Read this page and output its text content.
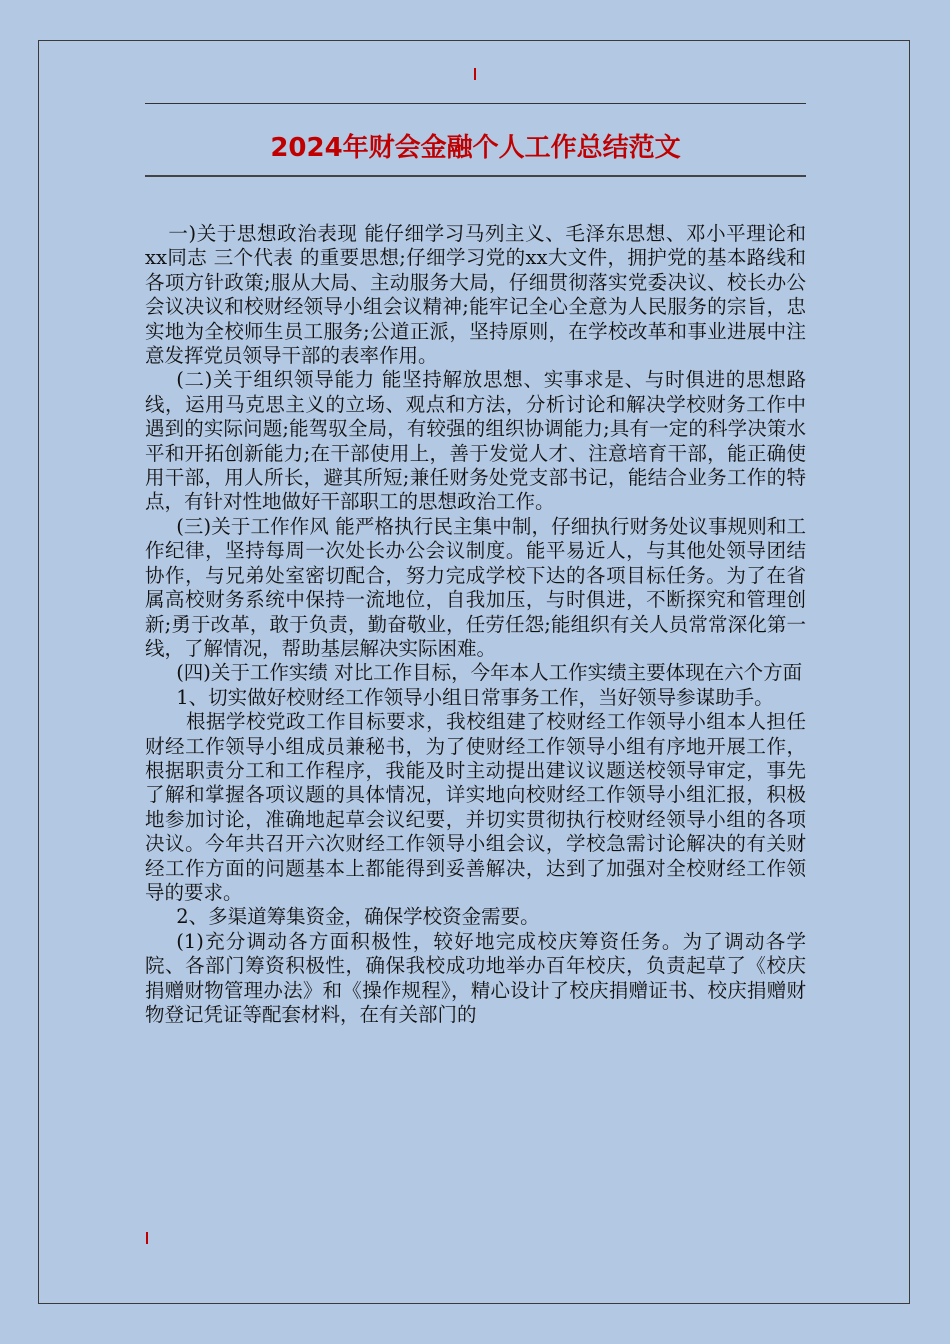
2024年财会金融个人工作总结范文

一)关于思想政治表现 能仔细学习马列主义、毛泽东思想、邓小平理论和xx同志 三个代表 的重要思想;仔细学习党的xx大文件，拥护党的基本路线和各项方针政策;服从大局、主动服务大局，仔细贯彻落实党委决议、校长办公会议决议和校财经领导小组会议精神;能牢记全心全意为人民服务的宗旨，忠实地为全校师生员工服务;公道正派，坚持原则，在学校改革和事业进展中注意发挥党员领导干部的表率作用。

(二)关于组织领导能力 能坚持解放思想、实事求是、与时俱进的思想路线，运用马克思主义的立场、观点和方法，分析讨论和解决学校财务工作中遇到的实际问题;能驾驭全局，有较强的组织协调能力;具有一定的科学决策水平和开拓创新能力;在干部使用上，善于发觉人才、注意培育干部，能正确使用干部，用人所长，避其所短;兼任财务处党支部书记，能结合业务工作的特点，有针对性地做好干部职工的思想政治工作。

(三)关于工作作风 能严格执行民主集中制，仔细执行财务处议事规则和工作纪律，坚持每周一次处长办公会议制度。能平易近人，与其他处领导团结协作，与兄弟处室密切配合，努力完成学校下达的各项目标任务。为了在省属高校财务系统中保持一流地位，自我加压，与时俱进，不断探究和管理创新;勇于改革，敢于负责，勤奋敬业，任劳任怨;能组织有关人员常常深化第一线，了解情况，帮助基层解决实际困难。

(四)关于工作实绩 对比工作目标，今年本人工作实绩主要体现在六个方面

1、切实做好校财经工作领导小组日常事务工作，当好领导参谋助手。

根据学校党政工作目标要求，我校组建了校财经工作领导小组本人担任财经工作领导小组成员兼秘书，为了使财经工作领导小组有序地开展工作，根据职责分工和工作程序，我能及时主动提出建议议题送校领导审定，事先了解和掌握各项议题的具体情况，详实地向校财经工作领导小组汇报，积极地参加讨论，准确地起草会议纪要，并切实贯彻执行校财经领导小组的各项决议。今年共召开六次财经工作领导小组会议，学校急需讨论解决的有关财经工作方面的问题基本上都能得到妥善解决，达到了加强对全校财经工作领导的要求。

2、多渠道筹集资金，确保学校资金需要。

(1)充分调动各方面积极性，较好地完成校庆筹资任务。为了调动各学院、各部门筹资积极性，确保我校成功地举办百年校庆，负责起草了《校庆捐赠财物管理办法》和《操作规程》，精心设计了校庆捐赠证书、校庆捐赠财物登记凭证等配套材料，在有关部门的
